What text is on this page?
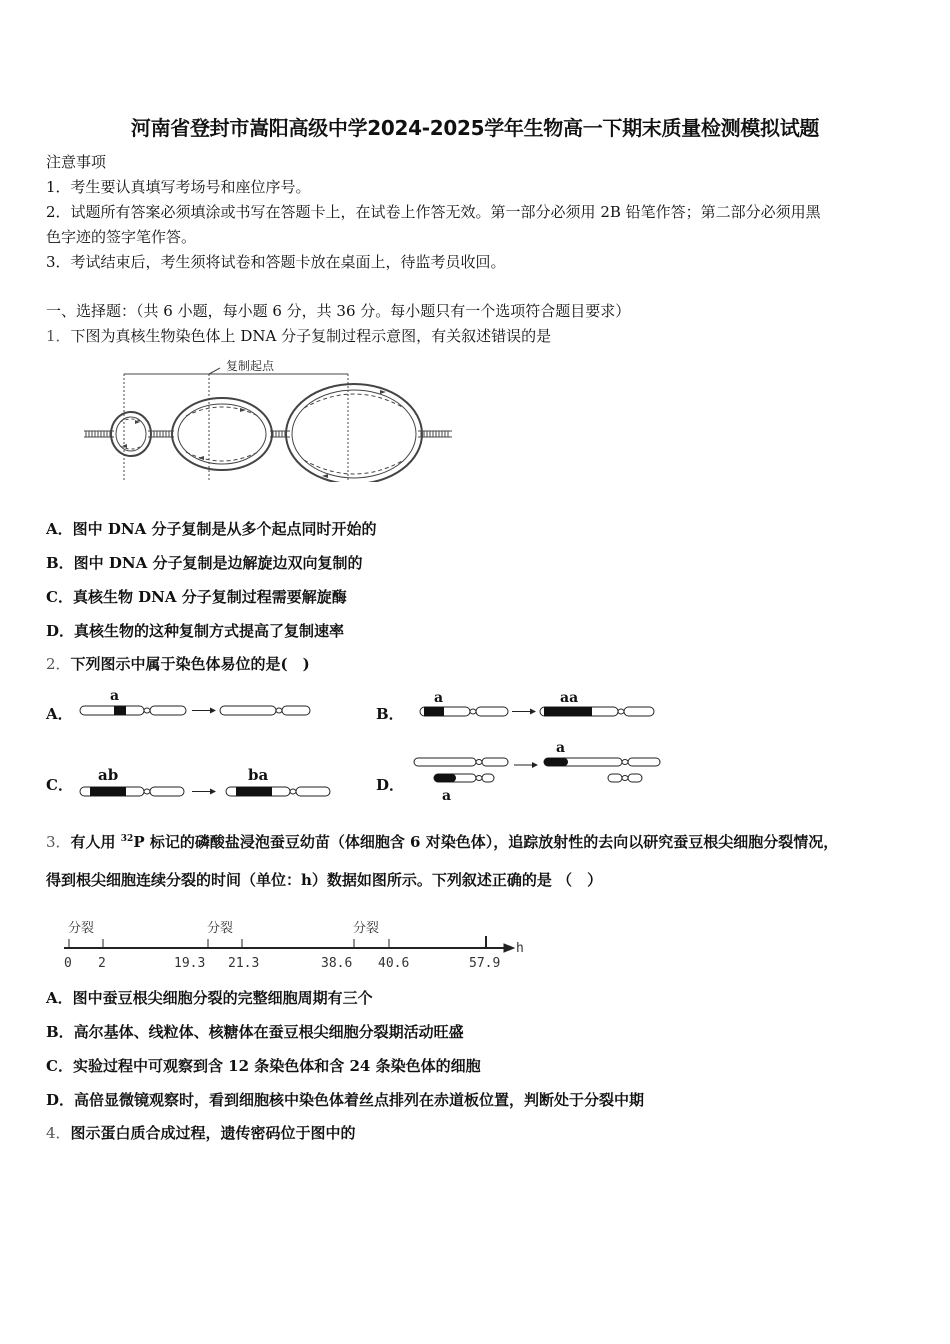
河南省登封市嵩阳高级中学2024-2025学年生物高一下期末质量检测模拟试题
注意事项
1．考生要认真填写考场号和座位序号。
2．试题所有答案必须填涂或书写在答题卡上，在试卷上作答无效。第一部分必须用 2B 铅笔作答；第二部分必须用黑
色字迹的签字笔作答。
3．考试结束后，考生须将试卷和答题卡放在桌面上，待监考员收回。
一、选择题：（共 6 小题，每小题 6 分，共 36 分。每小题只有一个选项符合题目要求）
1．下图为真核生物染色体上 DNA 分子复制过程示意图，有关叙述错误的是
复制起点
A．图中 DNA 分子复制是从多个起点同时开始的
B．图中 DNA 分子复制是边解旋边双向复制的
C．真核生物 DNA 分子复制过程需要解旋酶
D．真核生物的这种复制方式提高了复制速率
2．下列图示中属于染色体易位的是(　)
A．
a
B．
a	aa
C．
ab	ba
D．
a
a
3．有人用 $^{32}$P 标记的磷酸盐浸泡蚕豆幼苗（体细胞含 6 对染色体），追踪放射性的去向以研究蚕豆根尖细胞分裂情况，
得到根尖细胞连续分裂的时间（单位：h）数据如图所示。下列叙述正确的是 （　）
分裂	分裂	分裂
0 2	19.3 21.3	38.6 40.6	57.9
h
A．图中蚕豆根尖细胞分裂的完整细胞周期有三个
B．高尔基体、线粒体、核糖体在蚕豆根尖细胞分裂期活动旺盛
C．实验过程中可观察到含 12 条染色体和含 24 条染色体的细胞
D．高倍显微镜观察时，看到细胞核中染色体着丝点排列在赤道板位置，判断处于分裂中期
4．图示蛋白质合成过程，遗传密码位于图中的
